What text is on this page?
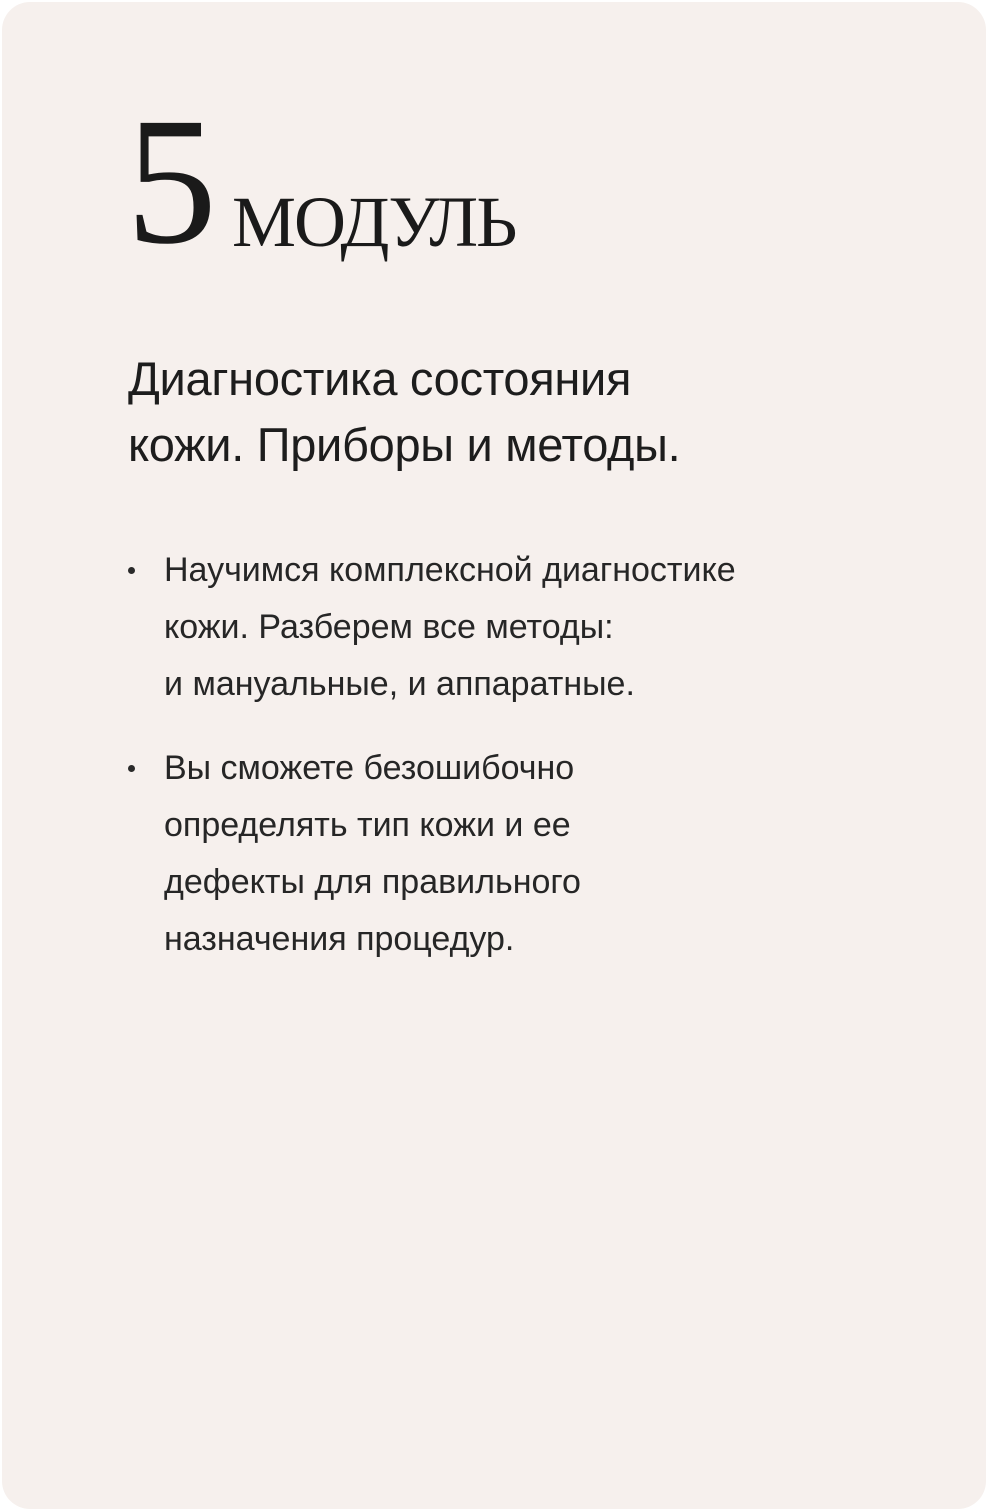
5 МОДУЛЬ
Диагностика состояния
кожи. Приборы и методы.
Научимся комплексной диагностике
кожи. Разберем все методы:
и мануальные, и аппаратные.
Вы сможете безошибочно
определять тип кожи и ее
дефекты для правильного
назначения процедур.
